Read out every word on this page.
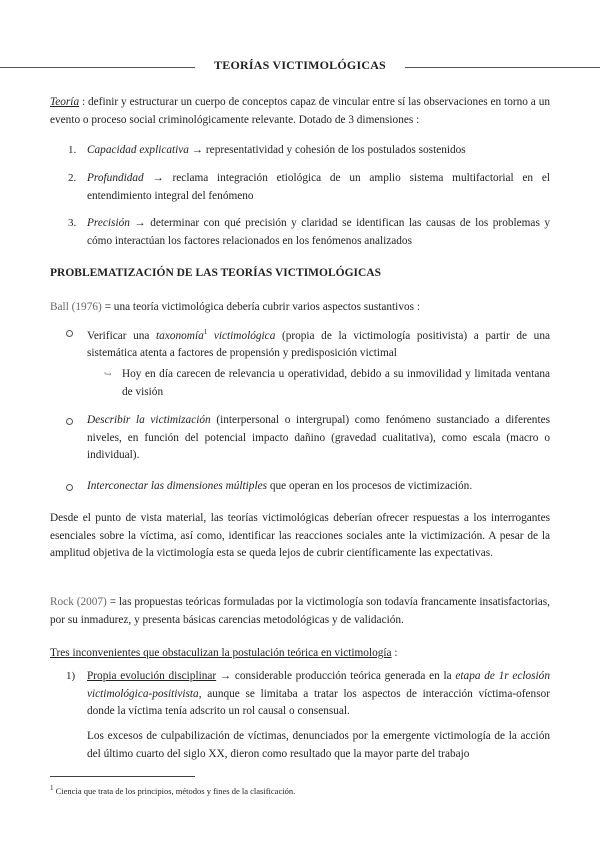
TEORÍAS VICTIMOLÓGICAS
Teoría : definir y estructurar un cuerpo de conceptos capaz de vincular entre sí las observaciones en torno a un evento o proceso social criminológicamente relevante. Dotado de 3 dimensiones :
1. Capacidad explicativa → representatividad y cohesión de los postulados sostenidos
2. Profundidad → reclama integración etiológica de un amplio sistema multifactorial en el entendimiento integral del fenómeno
3. Precisión → determinar con qué precisión y claridad se identifican las causas de los problemas y cómo interactúan los factores relacionados en los fenómenos analizados
PROBLEMATIZACIÓN DE LAS TEORÍAS VICTIMOLÓGICAS
Ball (1976) = una teoría victimológica debería cubrir varios aspectos sustantivos :
Verificar una taxonomía$^1$ victimológica (propia de la victimología positivista) a partir de una sistemática atenta a factores de propensión y predisposición victimal
↪ Hoy en día carecen de relevancia u operatividad, debido a su inmovilidad y limitada ventana de visión
Describir la victimización (interpersonal o intergrupal) como fenómeno sustanciado a diferentes niveles, en función del potencial impacto dañino (gravedad cualitativa), como escala (macro o individual).
Interconectar las dimensiones múltiples que operan en los procesos de victimización.
Desde el punto de vista material, las teorías victimológicas deberían ofrecer respuestas a los interrogantes esenciales sobre la víctima, así como, identificar las reacciones sociales ante la victimización. A pesar de la amplitud objetiva de la victimología esta se queda lejos de cubrir científicamente las expectativas.
Rock (2007) = las propuestas teóricas formuladas por la victimología son todavía francamente insatisfactorias, por su inmadurez, y presenta básicas carencias metodológicas y de validación.
Tres inconvenientes que obstaculizan la postulación teórica en victimología :
1) Propia evolución disciplinar → considerable producción teórica generada en la etapa de 1r eclosión victimológica-positivista, aunque se limitaba a tratar los aspectos de interacción víctima-ofensor donde la víctima tenía adscrito un rol causal o consensual.
Los excesos de culpabilización de víctimas, denunciados por la emergente victimología de la acción del último cuarto del siglo XX, dieron como resultado que la mayor parte del trabajo
$^1$ Ciencia que trata de los principios, métodos y fines de la clasificación.
